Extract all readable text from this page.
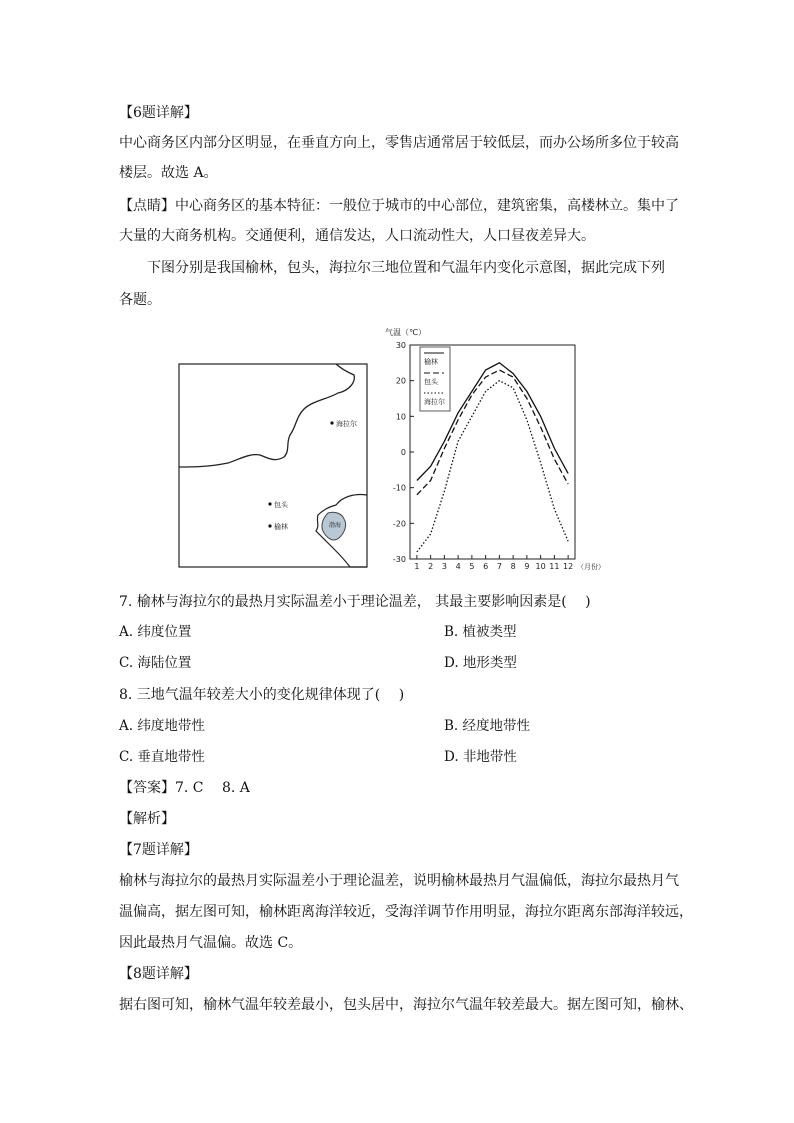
【6题详解】
中心商务区内部分区明显，在垂直方向上，零售店通常居于较低层，而办公场所多位于较高
楼层。故选 A。
【点睛】中心商务区的基本特征：一般位于城市的中心部位，建筑密集，高楼林立。集中了
大量的大商务机构。交通便利，通信发达，人口流动性大，人口昼夜差异大。
下图分别是我国榆林，包头，海拉尔三地位置和气温年内变化示意图，据此完成下列
各题。
海拉尔
包头
榆林	渤海
气温（℃）
30
20
10
0
-10
-20
-30
1 2 3 4 5 6 7 8 9 10 11 12
榆林
包头
海拉尔
（月份）
7. 榆林与海拉尔的最热月实际温差小于理论温差， 其最主要影响因素是(　 )
A. 纬度位置	B. 植被类型
C. 海陆位置	D. 地形类型
8. 三地气温年较差大小的变化规律体现了(　 )
A. 纬度地带性	B. 经度地带性
C. 垂直地带性	D. 非地带性
【答案】7. C　 8. A
【解析】
【7题详解】
榆林与海拉尔的最热月实际温差小于理论温差，说明榆林最热月气温偏低，海拉尔最热月气
温偏高，据左图可知，榆林距离海洋较近，受海洋调节作用明显，海拉尔距离东部海洋较远，
因此最热月气温偏。故选 C。
【8题详解】
据右图可知，榆林气温年较差最小，包头居中，海拉尔气温年较差最大。据左图可知，榆林、
